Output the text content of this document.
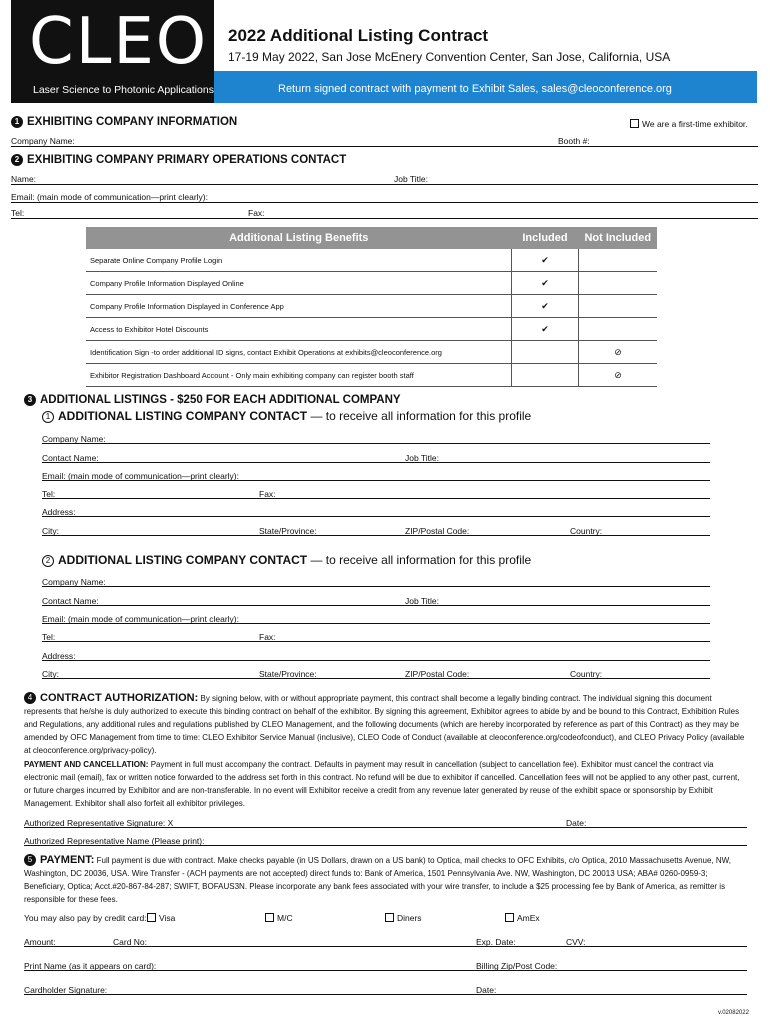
CLEO
Laser Science to Photonic Applications
2022 Additional Listing Contract
17-19 May 2022, San Jose McEnery Convention Center, San Jose, California, USA
Return signed contract with payment to Exhibit Sales, sales@cleoconference.org
1 EXHIBITING COMPANY INFORMATION	We are a first-time exhibitor.
Company Name:	Booth #:
2 EXHIBITING COMPANY PRIMARY OPERATIONS CONTACT
Name:	Job Title:
Email: (main mode of communication—print clearly):
Tel:	Fax:
Additional Listing Benefits	Included	Not Included
Separate Online Company Profile Login	✔	
Company Profile Information Displayed Online	✔	
Company Profile Information Displayed in Conference App	✔	
Access to Exhibitor Hotel Discounts	✔	
Identification Sign -to order additional ID signs, contact Exhibit Operations at exhibits@cleoconference.org		⊘
Exhibitor Registration Dashboard Account - Only main exhibiting company can register booth staff		⊘
3 ADDITIONAL LISTINGS - $250 FOR EACH ADDITIONAL COMPANY
1 ADDITIONAL LISTING COMPANY CONTACT — to receive all information for this profile
Company Name:
Contact Name:	Job Title:
Email: (main mode of communication—print clearly):
Tel:	Fax:
Address:
City:	State/Province:	ZIP/Postal Code:	Country:
2 ADDITIONAL LISTING COMPANY CONTACT — to receive all information for this profile
Company Name:
Contact Name:	Job Title:
Email: (main mode of communication—print clearly):
Tel:	Fax:
Address:
City:	State/Province:	ZIP/Postal Code:	Country:
4 CONTRACT AUTHORIZATION: By signing below, with or without appropriate payment, this contract shall become a legally binding contract. The individual signing this document represents that he/she is duly authorized to execute this binding contract on behalf of the exhibitor. By signing this agreement, Exhibitor agrees to abide by and be bound to this Contract, Exhibition Rules and Regulations, any additional rules and regulations published by CLEO Management, and the following documents (which are hereby incorporated by reference as part of this Contract) as they may be amended by OFC Management from time to time: CLEO Exhibitor Service Manual (inclusive), CLEO Code of Conduct (available at cleoconference.org/codeofconduct), and CLEO Privacy Policy (available at cleoconference.org/privacy-policy).
PAYMENT AND CANCELLATION: Payment in full must accompany the contract. Defaults in payment may result in cancellation (subject to cancellation fee). Exhibitor must cancel the contract via electronic mail (email), fax or written notice forwarded to the address set forth in this contract. No refund will be due to exhibitor if cancelled. Cancellation fees will not be applied to any other past, current, or future charges incurred by Exhibitor and are non-transferable. In no event will Exhibitor receive a credit from any revenue later generated by reuse of the exhibit space or sponsorship by Exhibit Management. Exhibitor shall also forfeit all exhibitor privileges.
Authorized Representative Signature: X	Date:
Authorized Representative Name (Please print):
5 PAYMENT: Full payment is due with contract. Make checks payable (in US Dollars, drawn on a US bank) to Optica, mail checks to OFC Exhibits, c/o Optica, 2010 Massachusetts Avenue, NW, Washington, DC 20036, USA. Wire Transfer - (ACH payments are not accepted) direct funds to: Bank of America, 1501 Pennsylvania Ave. NW, Washington, DC 20013 USA; ABA# 0260-0959-3; Beneficiary, Optica; Acct.#20-867-84-287; SWIFT, BOFAUS3N. Please incorporate any bank fees associated with your wire transfer, to include a $25 processing fee by Bank of America, as remitter is responsible for these fees.
You may also pay by credit card:	Visa	M/C	Diners	AmEx
Amount:	Card No:	Exp. Date:	CVV:
Print Name (as it appears on card):	Billing Zip/Post Code:
Cardholder Signature:	Date:
v.02082022
